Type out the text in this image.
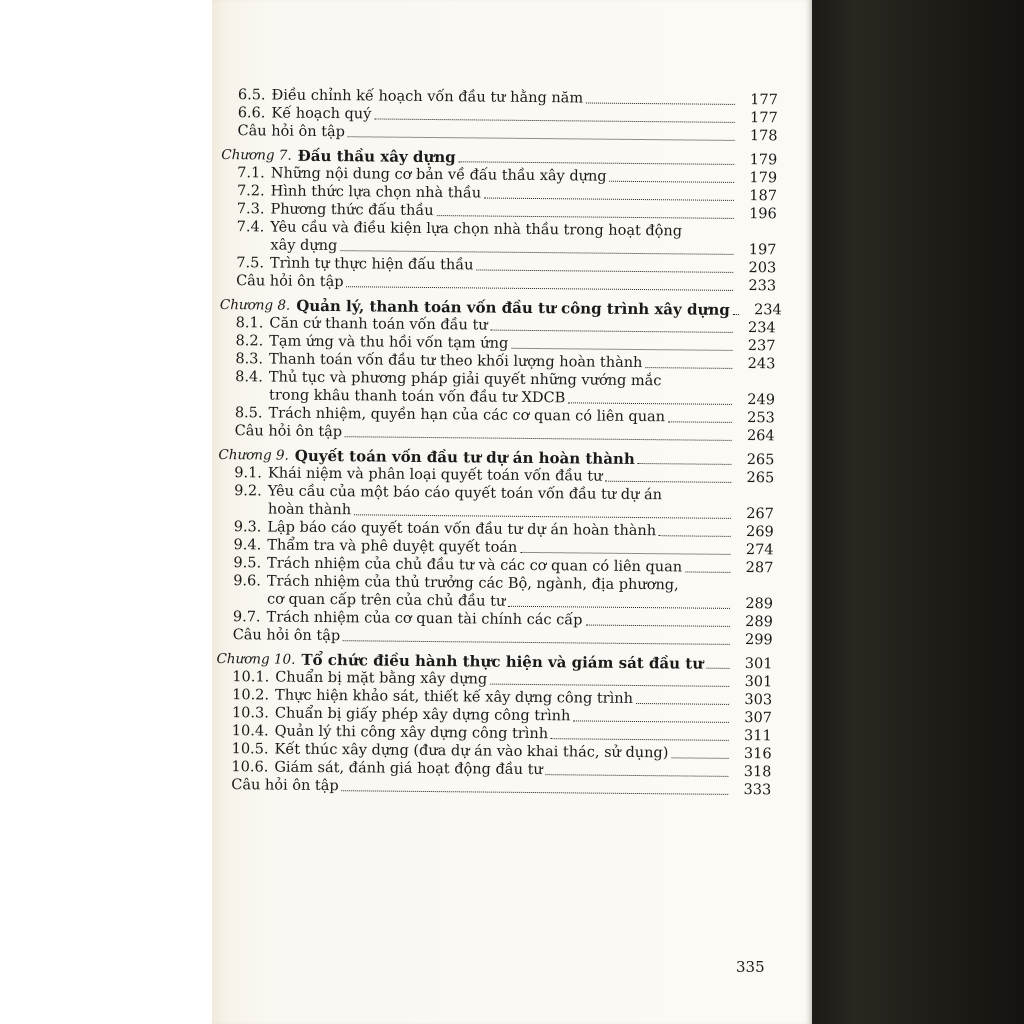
6.5. Điều chỉnh kế hoạch vốn đầu tư hằng năm	177
6.6. Kế hoạch quý	177
Câu hỏi ôn tập	178
Chương 7. Đấu thầu xây dựng	179
7.1. Những nội dung cơ bản về đấu thầu xây dựng	179
7.2. Hình thức lựa chọn nhà thầu	187
7.3. Phương thức đấu thầu	196
7.4. Yêu cầu và điều kiện lựa chọn nhà thầu trong hoạt động
xây dựng	197
7.5. Trình tự thực hiện đấu thầu	203
Câu hỏi ôn tập	233
Chương 8. Quản lý, thanh toán vốn đầu tư công trình xây dựng	234
8.1. Căn cứ thanh toán vốn đầu tư	234
8.2. Tạm ứng và thu hồi vốn tạm ứng	237
8.3. Thanh toán vốn đầu tư theo khối lượng hoàn thành	243
8.4. Thủ tục và phương pháp giải quyết những vướng mắc
trong khâu thanh toán vốn đầu tư XDCB	249
8.5. Trách nhiệm, quyền hạn của các cơ quan có liên quan	253
Câu hỏi ôn tập	264
Chương 9. Quyết toán vốn đầu tư dự án hoàn thành	265
9.1. Khái niệm và phân loại quyết toán vốn đầu tư	265
9.2. Yêu cầu của một báo cáo quyết toán vốn đầu tư dự án
hoàn thành	267
9.3. Lập báo cáo quyết toán vốn đầu tư dự án hoàn thành	269
9.4. Thẩm tra và phê duyệt quyết toán	274
9.5. Trách nhiệm của chủ đầu tư và các cơ quan có liên quan	287
9.6. Trách nhiệm của thủ trưởng các Bộ, ngành, địa phương,
cơ quan cấp trên của chủ đầu tư	289
9.7. Trách nhiệm của cơ quan tài chính các cấp	289
Câu hỏi ôn tập	299
Chương 10. Tổ chức điều hành thực hiện và giám sát đầu tư	301
10.1. Chuẩn bị mặt bằng xây dựng	301
10.2. Thực hiện khảo sát, thiết kế xây dựng công trình	303
10.3. Chuẩn bị giấy phép xây dựng công trình	307
10.4. Quản lý thi công xây dựng công trình	311
10.5. Kết thúc xây dựng (đưa dự án vào khai thác, sử dụng)	316
10.6. Giám sát, đánh giá hoạt động đầu tư	318
Câu hỏi ôn tập	333
335
